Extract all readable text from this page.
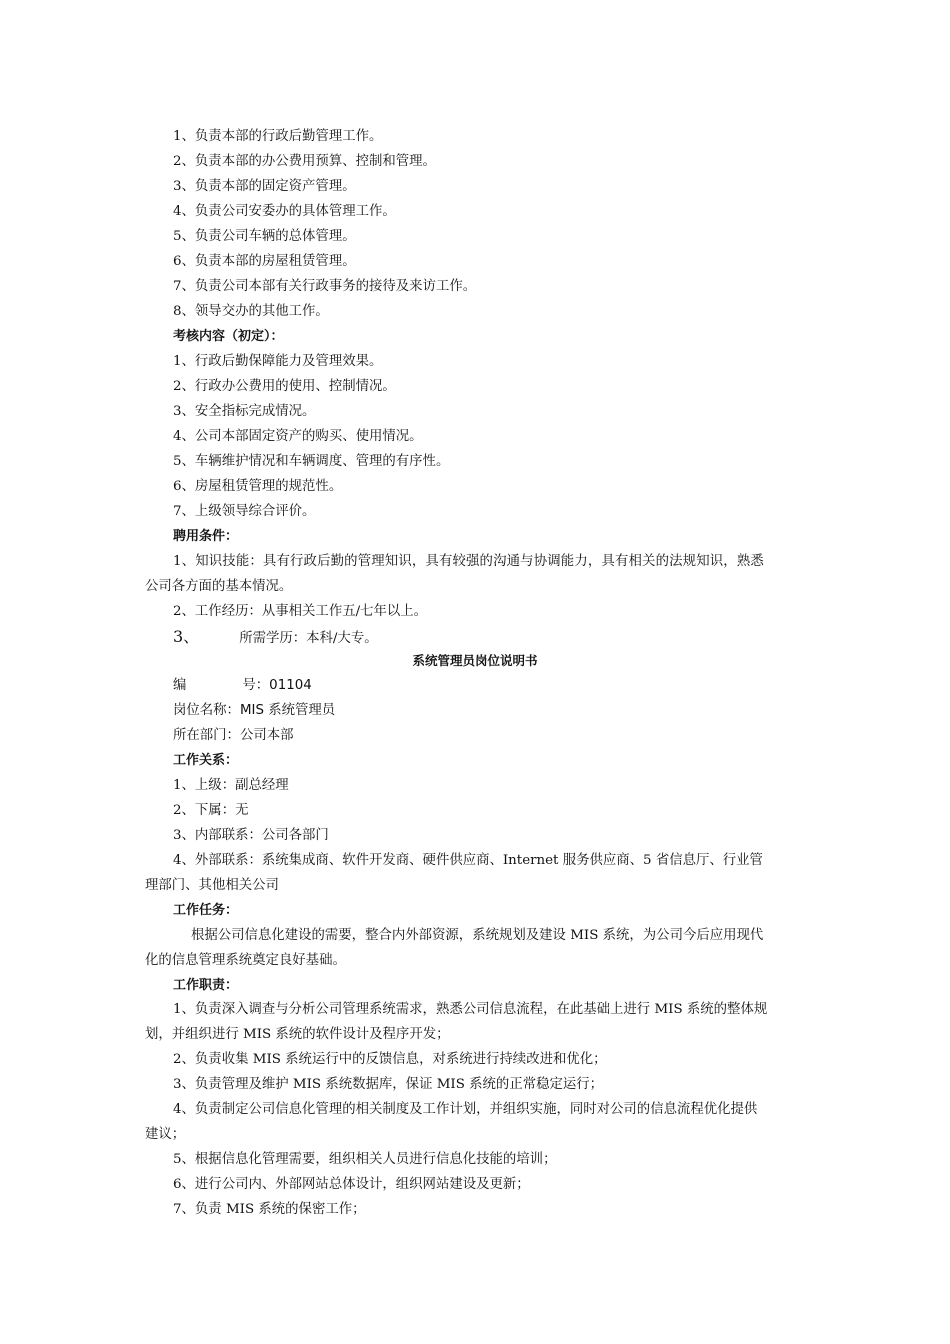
1、负责本部的行政后勤管理工作。
2、负责本部的办公费用预算、控制和管理。
3、负责本部的固定资产管理。
4、负责公司安委办的具体管理工作。
5、负责公司车辆的总体管理。
6、负责本部的房屋租赁管理。
7、负责公司本部有关行政事务的接待及来访工作。
8、领导交办的其他工作。
考核内容（初定）：
1、行政后勤保障能力及管理效果。
2、行政办公费用的使用、控制情况。
3、安全指标完成情况。
4、公司本部固定资产的购买、使用情况。
5、车辆维护情况和车辆调度、管理的有序性。
6、房屋租赁管理的规范性。
7、上级领导综合评价。
聘用条件：
1、知识技能：具有行政后勤的管理知识，具有较强的沟通与协调能力，具有相关的法规知识，熟悉
公司各方面的基本情况。
2、工作经历：从事相关工作五/七年以上。
3、	所需学历：本科/大专。
系统管理员岗位说明书
编	号：01104
岗位名称：MIS 系统管理员
所在部门：公司本部
工作关系：
1、上级：副总经理
2、下属：无
3、内部联系：公司各部门
4、外部联系：系统集成商、软件开发商、硬件供应商、Internet 服务供应商、5 省信息厅、行业管
理部门、其他相关公司
工作任务：
根据公司信息化建设的需要，整合内外部资源，系统规划及建设 MIS 系统，为公司今后应用现代
化的信息管理系统奠定良好基础。
工作职责：
1、负责深入调查与分析公司管理系统需求，熟悉公司信息流程，在此基础上进行 MIS 系统的整体规
划，并组织进行 MIS 系统的软件设计及程序开发；
2、负责收集 MIS 系统运行中的反馈信息，对系统进行持续改进和优化；
3、负责管理及维护 MIS 系统数据库，保证 MIS 系统的正常稳定运行；
4、负责制定公司信息化管理的相关制度及工作计划，并组织实施，同时对公司的信息流程优化提供
建议；
5、根据信息化管理需要，组织相关人员进行信息化技能的培训；
6、进行公司内、外部网站总体设计，组织网站建设及更新；
7、负责 MIS 系统的保密工作；
